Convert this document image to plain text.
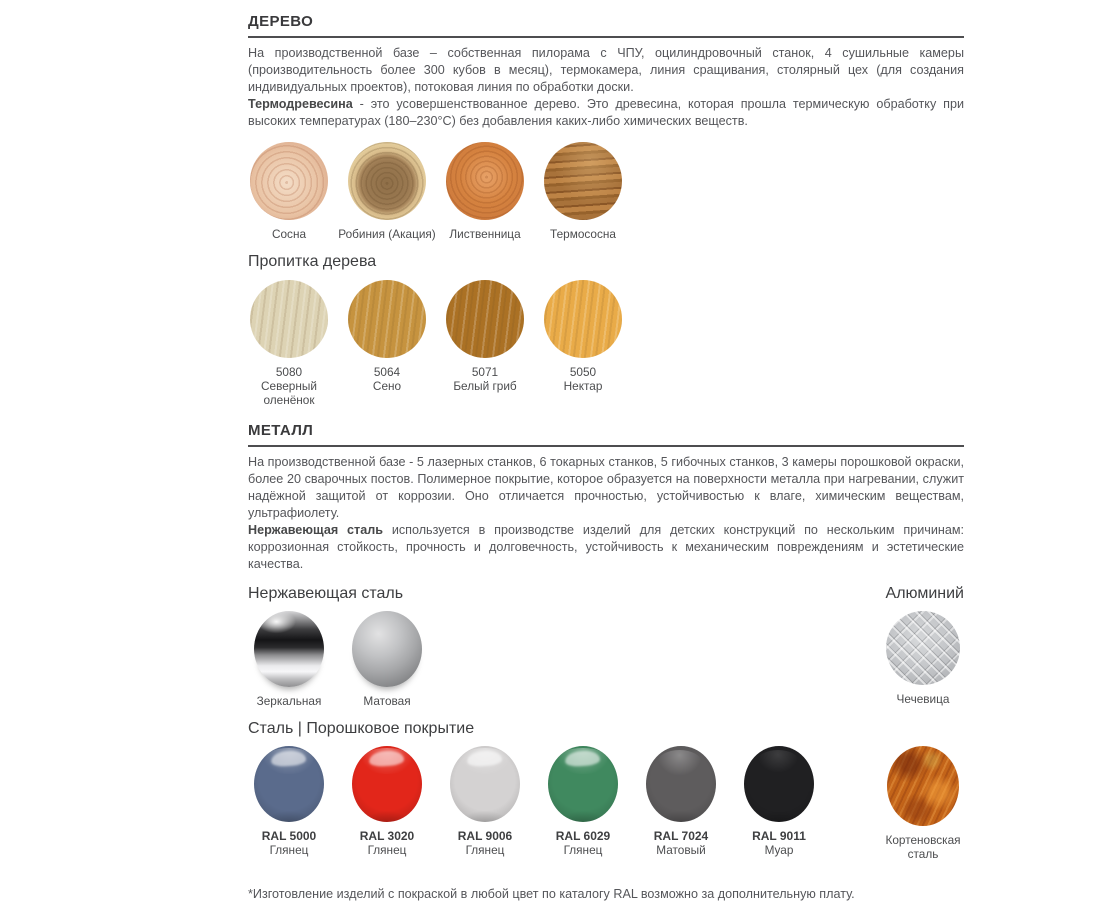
ДЕРЕВО

На производственной базе – собственная пилорама с ЧПУ, оцилиндровочный станок, 4 сушильные камеры (производительность более 300 кубов в месяц), термокамера, линия сращивания, столярный цех (для создания индивидуальных проектов), потоковая линия по обработки доски.

Термодревесина - это усовершенствованное дерево. Это древесина, которая прошла термическую обработку при высоких температурах (180–230°C) без добавления каких-либо химических веществ.

Сосна	Робиния (Акация) Лиственница Термососна
Пропитка дерева
5080
Северный оленёнок
5064
Сено
5071
Белый гриб
5050
Нектар
МЕТАЛЛ

На производственной базе - 5 лазерных станков, 6 токарных станков, 5 гибочных станков, 3 камеры порошковой окраски, более 20 сварочных постов. Полимерное покрытие, которое образуется на поверхности металла при нагревании, служит надёжной защитой от коррозии. Оно отличается прочностью, устойчивостью к влаге, химическим веществам, ультрафиолету.

Нержавеющая сталь используется в производстве изделий для детских конструкций по нескольким причинам: коррозионная стойкость, прочность и долговечность, устойчивость к механическим повреждениям и эстетические качества.

Нержавеющая сталь	Алюминий
Зеркальная	Матовая	Чечевица
Сталь | Порошковое покрытие
RAL 5000
Глянец
RAL 3020
Глянец
RAL 9006
Глянец
RAL 6029
Глянец
RAL 7024
Матовый
RAL 9011
Муар
Кортеновская сталь

*Изготовление изделий с покраской в любой цвет по каталогу RAL возможно за дополнительную плату.
